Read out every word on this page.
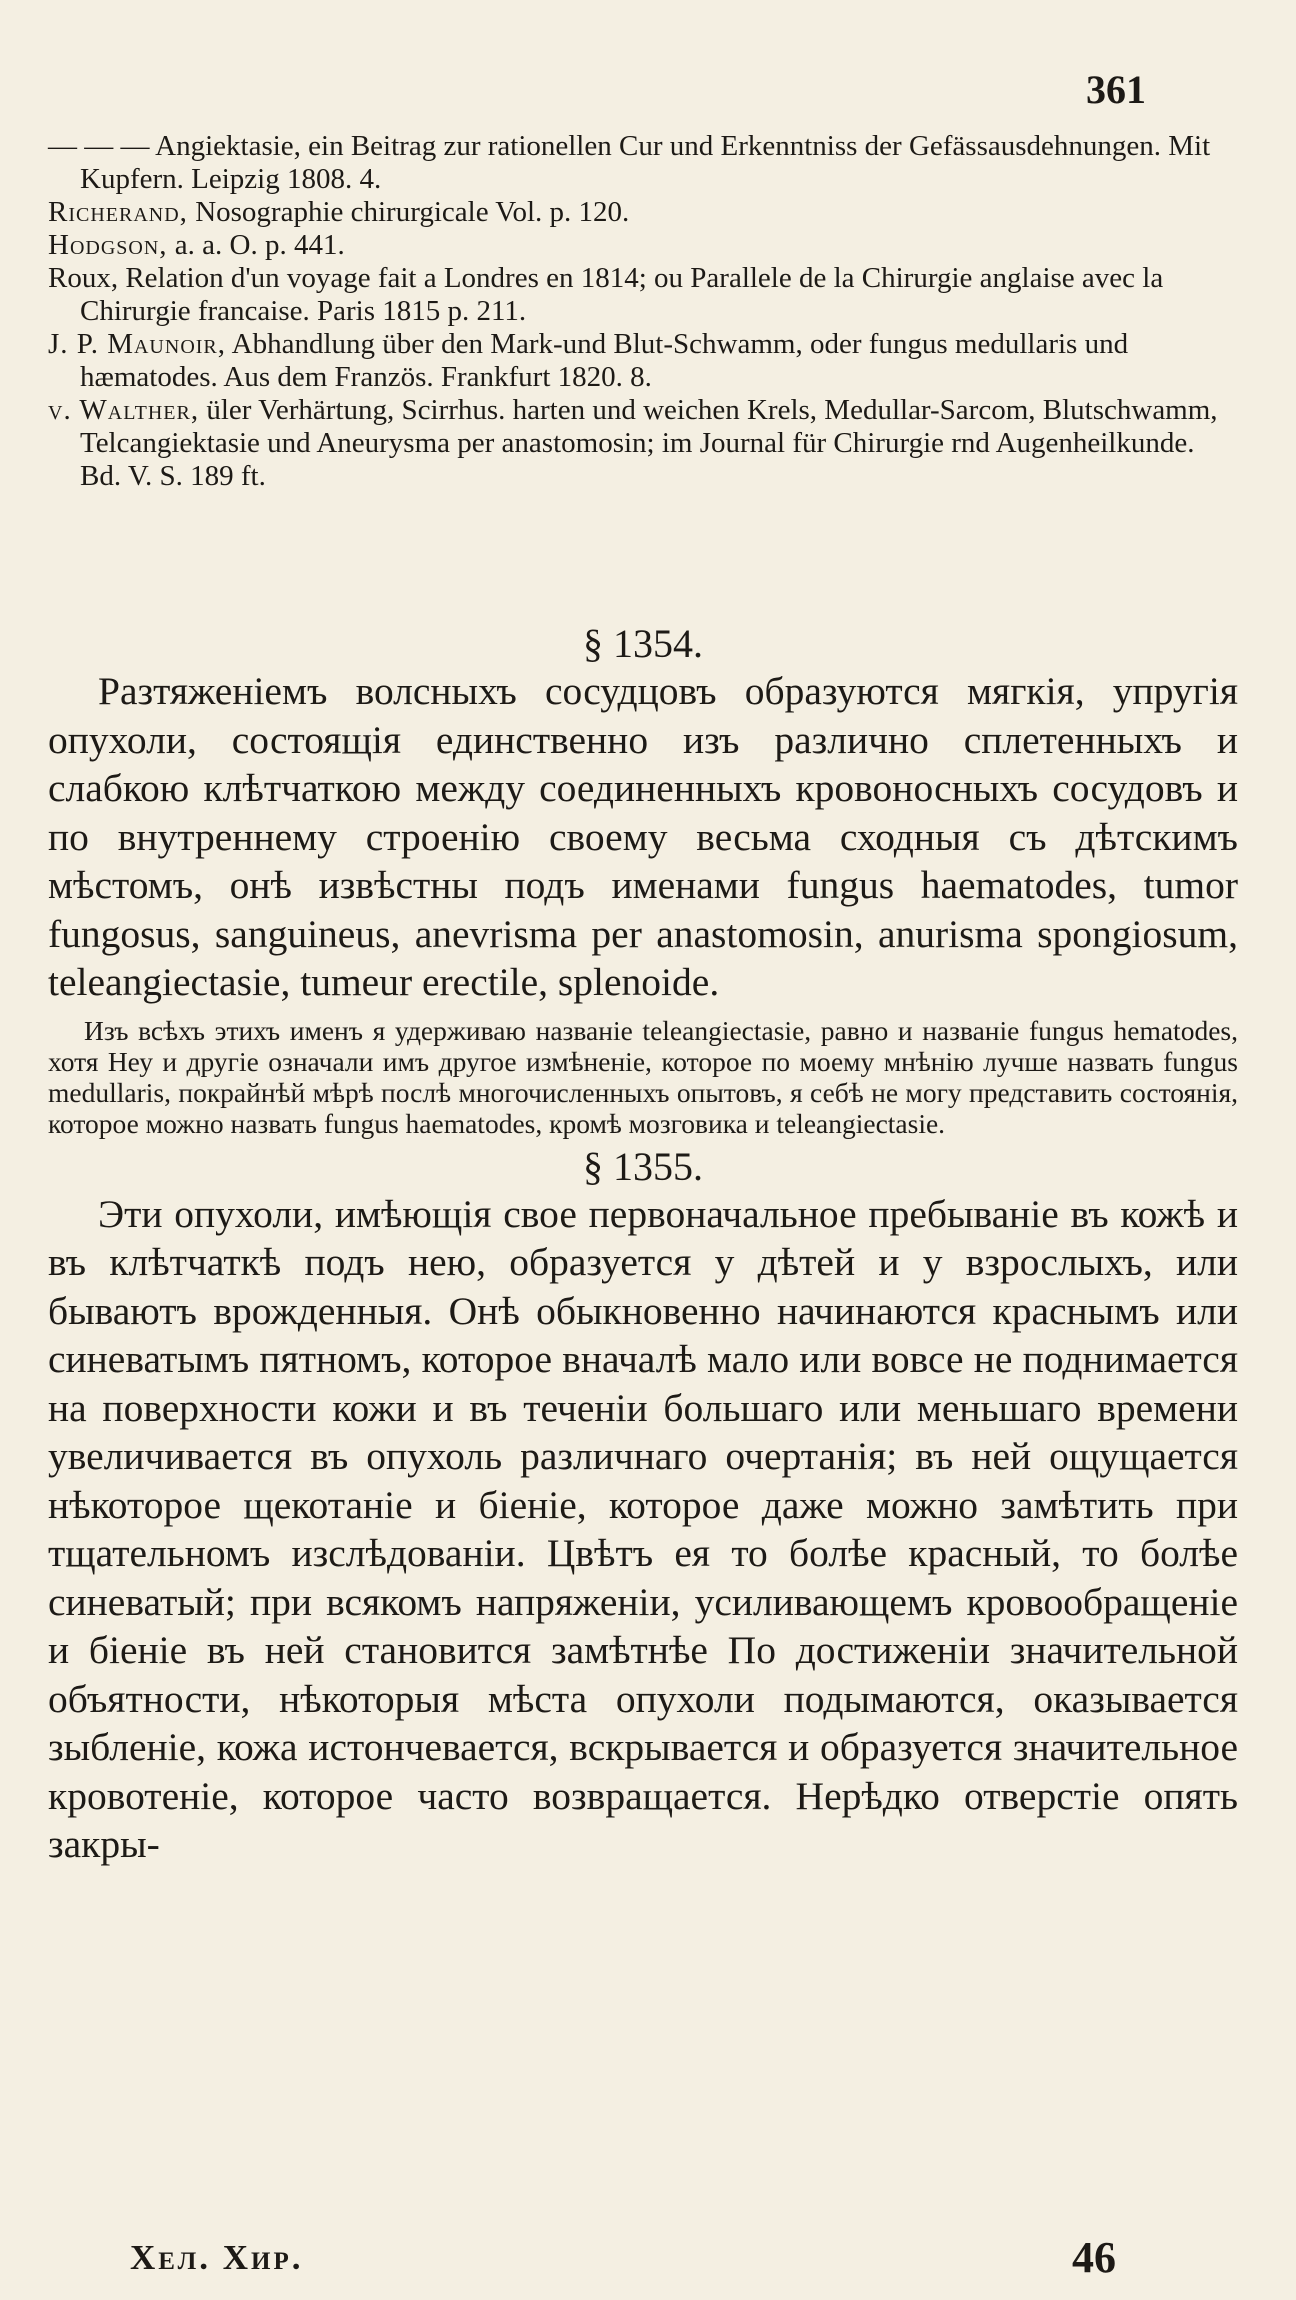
361

— — — Angiektasie, ein Beitrag zur rationellen Cur und Erkenntniss der Gefässausdehnungen. Mit Kupfern. Leipzig 1808. 4.

Richerand, Nosographie chirurgicale Vol. p. 120.

Hodgson, a. a. O. p. 441.

Roux, Relation d'un voyage fait a Londres en 1814; ou Parallele de la Chirurgie anglaise avec la Chirurgie francaise. Paris 1815 p. 211.

J. P. Maunoir, Abhandlung über den Mark-und Blut-Schwamm, oder fungus medullaris und hæmatodes. Aus dem Französ. Frankfurt 1820. 8.

v. Walther, üler Verhärtung, Scirrhus. harten und weichen Krels, Medullar-Sarcom, Blutschwamm, Telcangiektasie und Aneurysma per anastomosin; im Journal für Chirurgie rnd Augenheilkunde. Bd. V. S. 189 ft.

§ 1354.

Разтяженіемъ волсныхъ сосудцовъ образуются мягкія, упругія опухоли, состоящія единственно изъ различно сплетенныхъ и слабкою клѣтчаткою между соединенныхъ кровоносныхъ сосудовъ и по внутреннему строенію своему весьма сходныя съ дѣтскимъ мѣстомъ, онѣ извѣстны подъ именами fungus haematodes, tumor fungosus, sanguineus, anevrisma per anastomosin, anurisma spongiosum, teleangiectasie, tumeur erectile, splenoide.

Изъ всѣхъ этихъ именъ я удерживаю названіе teleangiectasie, равно и названіе fungus hematodes, хотя Неу и другіе означали имъ другое измѣненіе, которое по моему мнѣнію лучше назвать fungus medullaris, покрайнѣй мѣрѣ послѣ многочисленныхъ опытовъ, я себѣ не могу представить состоянія, которое можно назвать fungus haematodes, кромѣ мозговика и teleangiectasie.

§ 1355.

Эти опухоли, имѣющія свое первоначальное пребываніе въ кожѣ и въ клѣтчаткѣ подъ нею, образуется у дѣтей и у взрослыхъ, или бываютъ врожденныя. Онѣ обыкновенно начинаются краснымъ или синеватымъ пятномъ, которое вначалѣ мало или вовсе не поднимается на поверхности кожи и въ теченіи большаго или меньшаго времени увеличивается въ опухоль различнаго очертанія; въ ней ощущается нѣкоторое щекотаніе и біеніе, которое даже можно замѣтить при тщательномъ изслѣдованіи. Цвѣтъ ея то болѣе красный, то болѣе синеватый; при всякомъ напряженіи, усиливающемъ кровообращеніе и біеніе въ ней становится замѣтнѣе По достиженіи значительной объятности, нѣкоторыя мѣста опухоли подымаются, оказывается зыбленіе, кожа истончевается, вскрывается и образуется значительное кровотеніе, которое часто возвращается. Нерѣдко отверстіе опять закры-

Хел. Хир.	46
